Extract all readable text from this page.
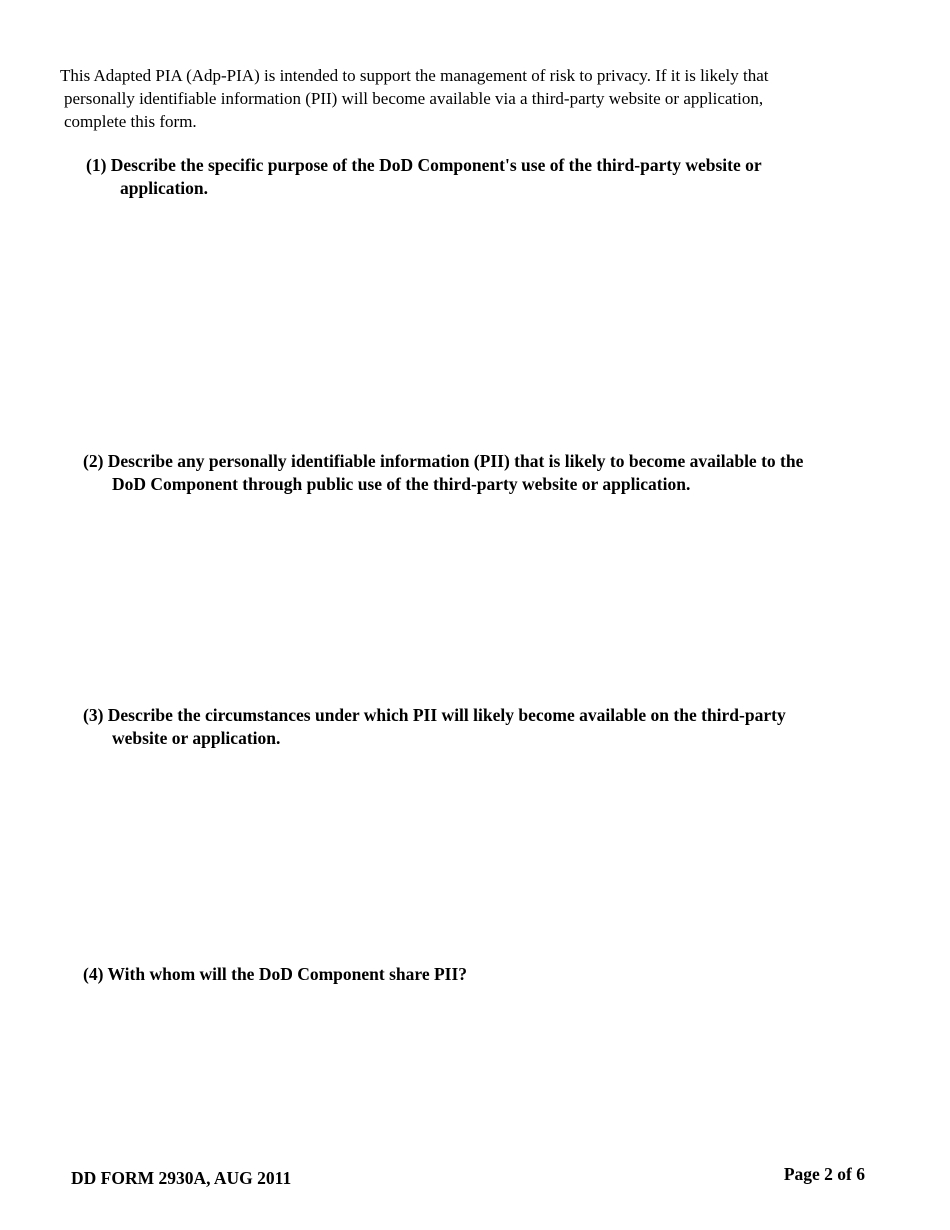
This Adapted PIA (Adp-PIA) is intended to support the management of risk to privacy. If it is likely that
personally identifiable information (PII) will become available via a third-party website or application,
complete this form.
(1) Describe the specific purpose of the DoD Component's use of the third-party website or
application.
(2) Describe any personally identifiable information (PII) that is likely to become available to the
DoD Component through public use of the third-party website or application.
(3) Describe the circumstances under which PII will likely become available on the third-party
website or application.
(4) With whom will the DoD Component share PII?
DD FORM 2930A, AUG 2011	Page 2 of 6
